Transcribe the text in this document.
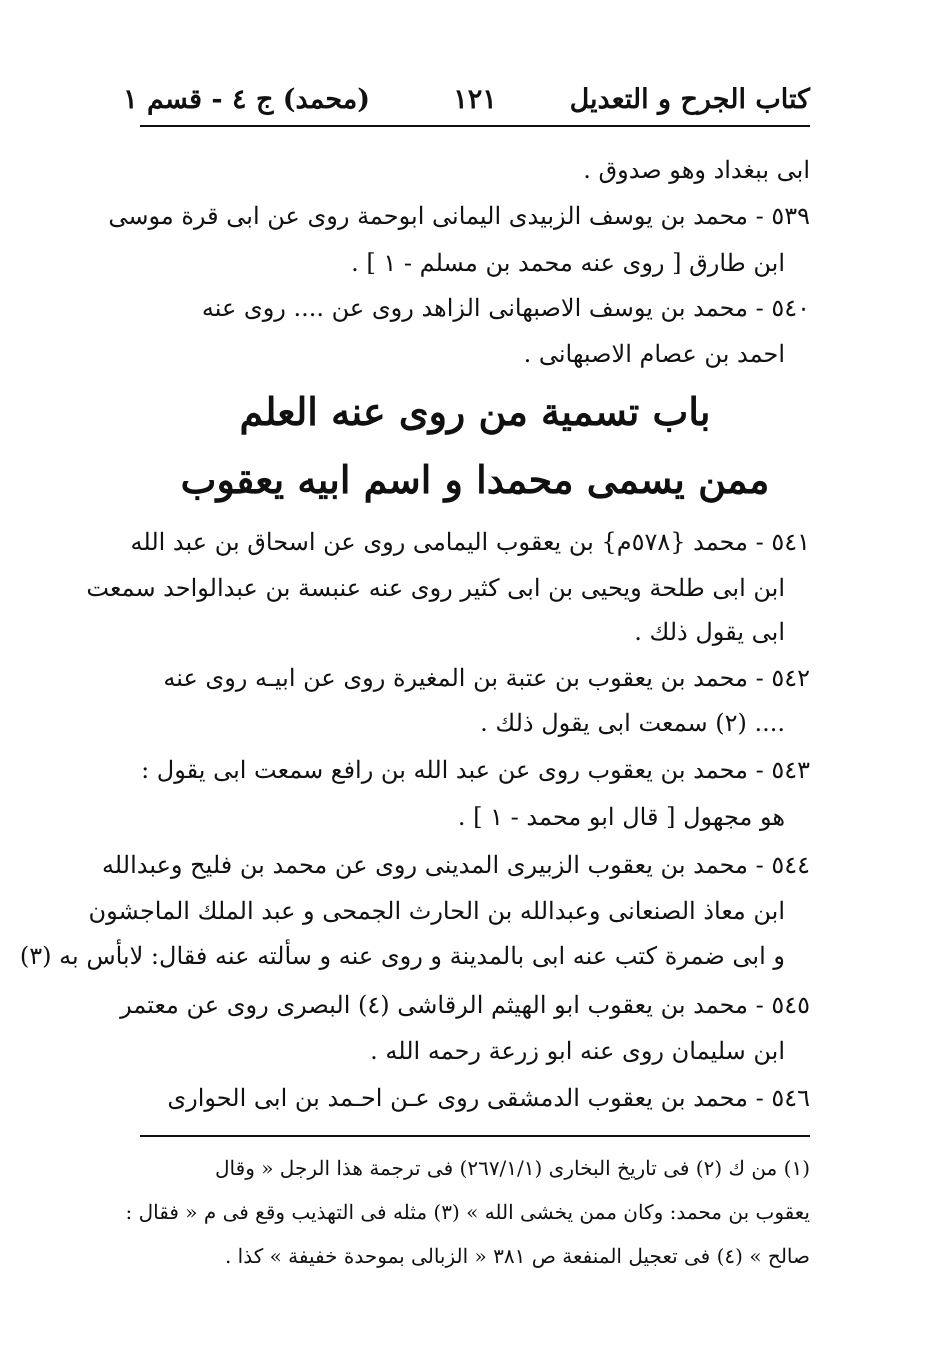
كتاب الجرح و التعديل
١٢١
(محمد) ج ٤ - قسم ١
ابى ببغداد وهو صدوق .
٥٣٩ - محمد بن يوسف الزبيدى اليمانى ابوحمة روى عن ابى قرة موسى
ابن طارق [ روى عنه محمد بن مسلم - ١ ] .
٥٤٠ - محمد بن يوسف الاصبهانى الزاهد روى عن .... روى عنه
احمد بن عصام الاصبهانى .
باب تسمية من روى عنه العلم
ممن يسمى محمدا و اسم ابيه يعقوب
٥٤١ - محمد {٥٧٨م} بن يعقوب اليمامى روى عن اسحاق بن عبد الله
ابن ابى طلحة ويحيى بن ابى كثير روى عنه عنبسة بن عبدالواحد سمعت
ابى يقول ذلك .
٥٤٢ - محمد بن يعقوب بن عتبة بن المغيرة روى عن ابيـه روى عنه
.... (٢) سمعت ابى يقول ذلك .
٥٤٣ - محمد بن يعقوب روى عن عبد الله بن رافع سمعت ابى يقول :
هو مجهول [ قال ابو محمد - ١ ] .
٥٤٤ - محمد بن يعقوب الزبيرى المدينى روى عن محمد بن فليح وعبدالله
ابن معاذ الصنعانى وعبدالله بن الحارث الجمحى و عبد الملك الماجشون
و ابى ضمرة كتب عنه ابى بالمدينة و روى عنه و سألته عنه فقال: لابأس به (٣)
٥٤٥ - محمد بن يعقوب ابو الهيثم الرقاشى (٤) البصرى روى عن معتمر
ابن سليمان روى عنه ابو زرعة رحمه الله .
٥٤٦ - محمد بن يعقوب الدمشقى روى عـن احـمد بن ابى الحوارى
(١) من ك (٢) فى تاريخ البخارى (٢٦٧/١/١) فى ترجمة هذا الرجل « وقال
يعقوب بن محمد: وكان ممن يخشى الله » (٣) مثله فى التهذيب وقع فى م « فقال :
صالح » (٤) فى تعجيل المنفعة ص ٣٨١ « الزبالى بموحدة خفيفة » كذا .
